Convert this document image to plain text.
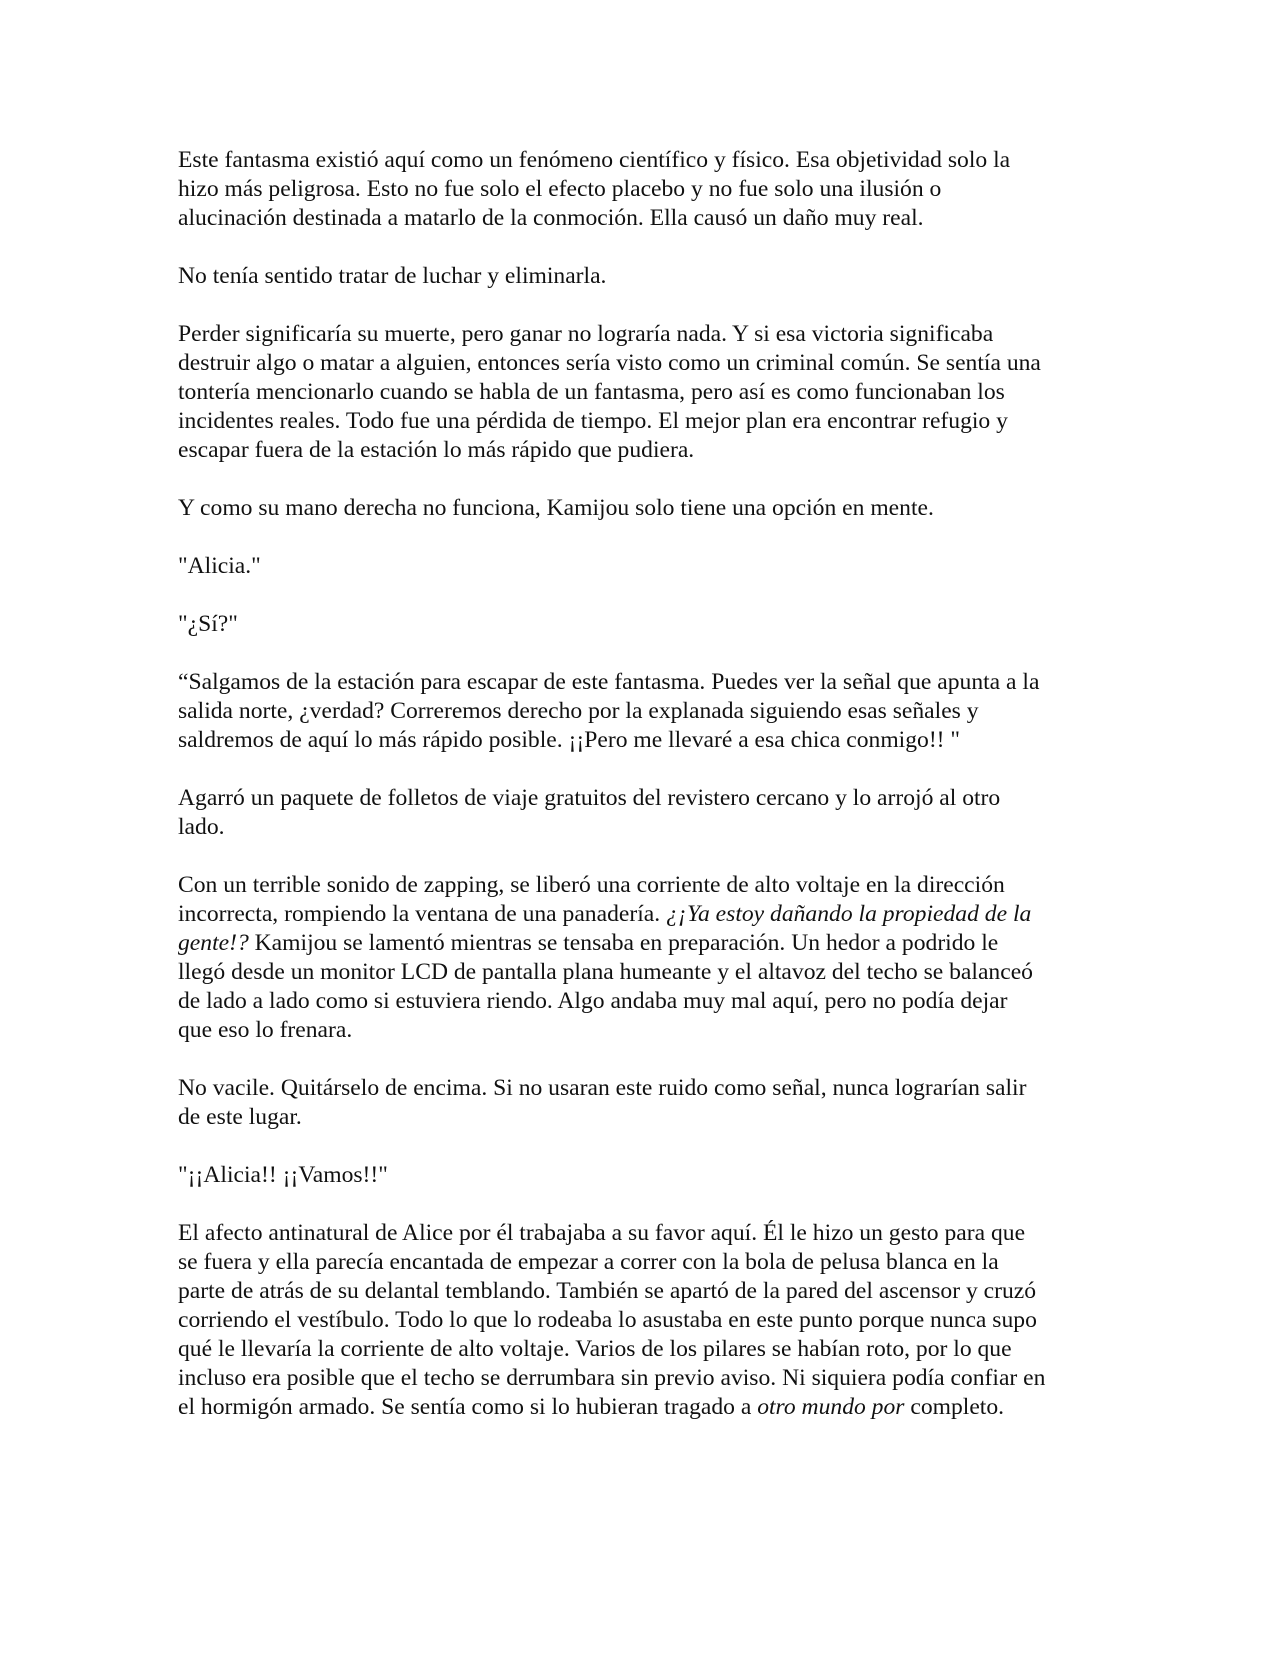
Este fantasma existió aquí como un fenómeno científico y físico. Esa objetividad solo la
hizo más peligrosa. Esto no fue solo el efecto placebo y no fue solo una ilusión o
alucinación destinada a matarlo de la conmoción. Ella causó un daño muy real.

No tenía sentido tratar de luchar y eliminarla.

Perder significaría su muerte, pero ganar no lograría nada. Y si esa victoria significaba
destruir algo o matar a alguien, entonces sería visto como un criminal común. Se sentía una
tontería mencionarlo cuando se habla de un fantasma, pero así es como funcionaban los
incidentes reales. Todo fue una pérdida de tiempo. El mejor plan era encontrar refugio y
escapar fuera de la estación lo más rápido que pudiera.

Y como su mano derecha no funciona, Kamijou solo tiene una opción en mente.

"Alicia."

"¿Sí?"

“Salgamos de la estación para escapar de este fantasma. Puedes ver la señal que apunta a la
salida norte, ¿verdad? Correremos derecho por la explanada siguiendo esas señales y
saldremos de aquí lo más rápido posible. ¡¡Pero me llevaré a esa chica conmigo!! "

Agarró un paquete de folletos de viaje gratuitos del revistero cercano y lo arrojó al otro
lado.

Con un terrible sonido de zapping, se liberó una corriente de alto voltaje en la dirección
incorrecta, rompiendo la ventana de una panadería. ¿¡Ya estoy dañando la propiedad de la
gente!? Kamijou se lamentó mientras se tensaba en preparación. Un hedor a podrido le
llegó desde un monitor LCD de pantalla plana humeante y el altavoz del techo se balanceó
de lado a lado como si estuviera riendo. Algo andaba muy mal aquí, pero no podía dejar
que eso lo frenara.

No vacile. Quitárselo de encima. Si no usaran este ruido como señal, nunca lograrían salir
de este lugar.

"¡¡Alicia!! ¡¡Vamos!!"

El afecto antinatural de Alice por él trabajaba a su favor aquí. Él le hizo un gesto para que
se fuera y ella parecía encantada de empezar a correr con la bola de pelusa blanca en la
parte de atrás de su delantal temblando. También se apartó de la pared del ascensor y cruzó
corriendo el vestíbulo. Todo lo que lo rodeaba lo asustaba en este punto porque nunca supo
qué le llevaría la corriente de alto voltaje. Varios de los pilares se habían roto, por lo que
incluso era posible que el techo se derrumbara sin previo aviso. Ni siquiera podía confiar en
el hormigón armado. Se sentía como si lo hubieran tragado a otro mundo por completo.
